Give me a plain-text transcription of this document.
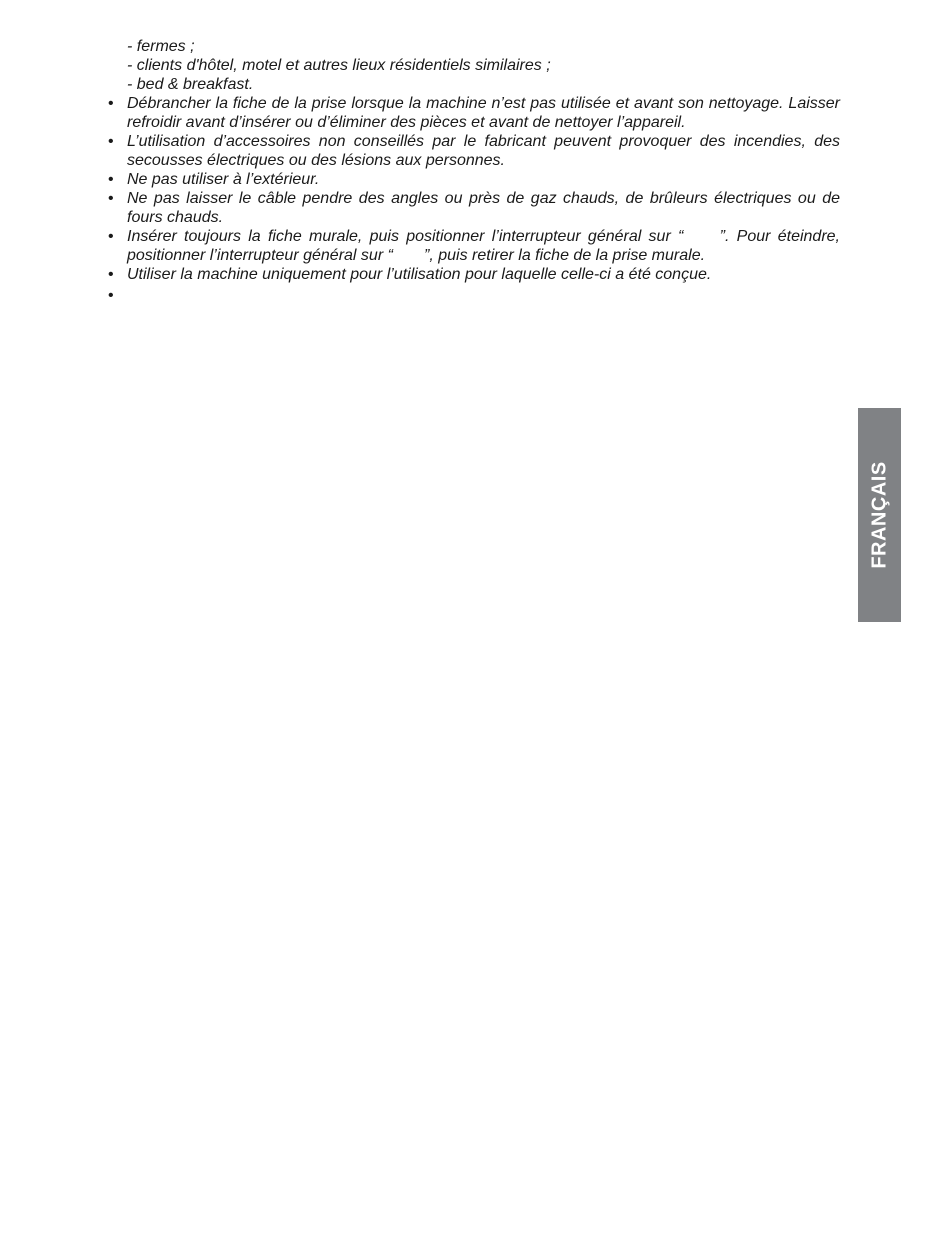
- fermes ;
- clients d'hôtel, motel et autres lieux résidentiels similaires ;
- bed & breakfast.
• Débrancher la fiche de la prise lorsque la machine n’est pas utilisée et avant son nettoyage. Laisser refroidir avant d’insérer ou d’éliminer des pièces et avant de nettoyer l’appareil.
• L’utilisation d’accessoires non conseillés par le fabricant peuvent provoquer des incendies, des secousses électriques ou des lésions aux personnes.
• Ne pas utiliser à l’extérieur.
• Ne pas laisser le câble pendre des angles ou près de gaz chauds, de brûleurs électriques ou de fours chauds.
• Insérer toujours la fiche murale, puis positionner l’interrupteur général sur “     ”. Pour éteindre, positionner l’interrupteur général sur “       ”, puis retirer la fiche de la prise murale.
• Utiliser la machine uniquement pour l’utilisation pour laquelle celle-ci a été conçue.
•
FRANÇAIS
